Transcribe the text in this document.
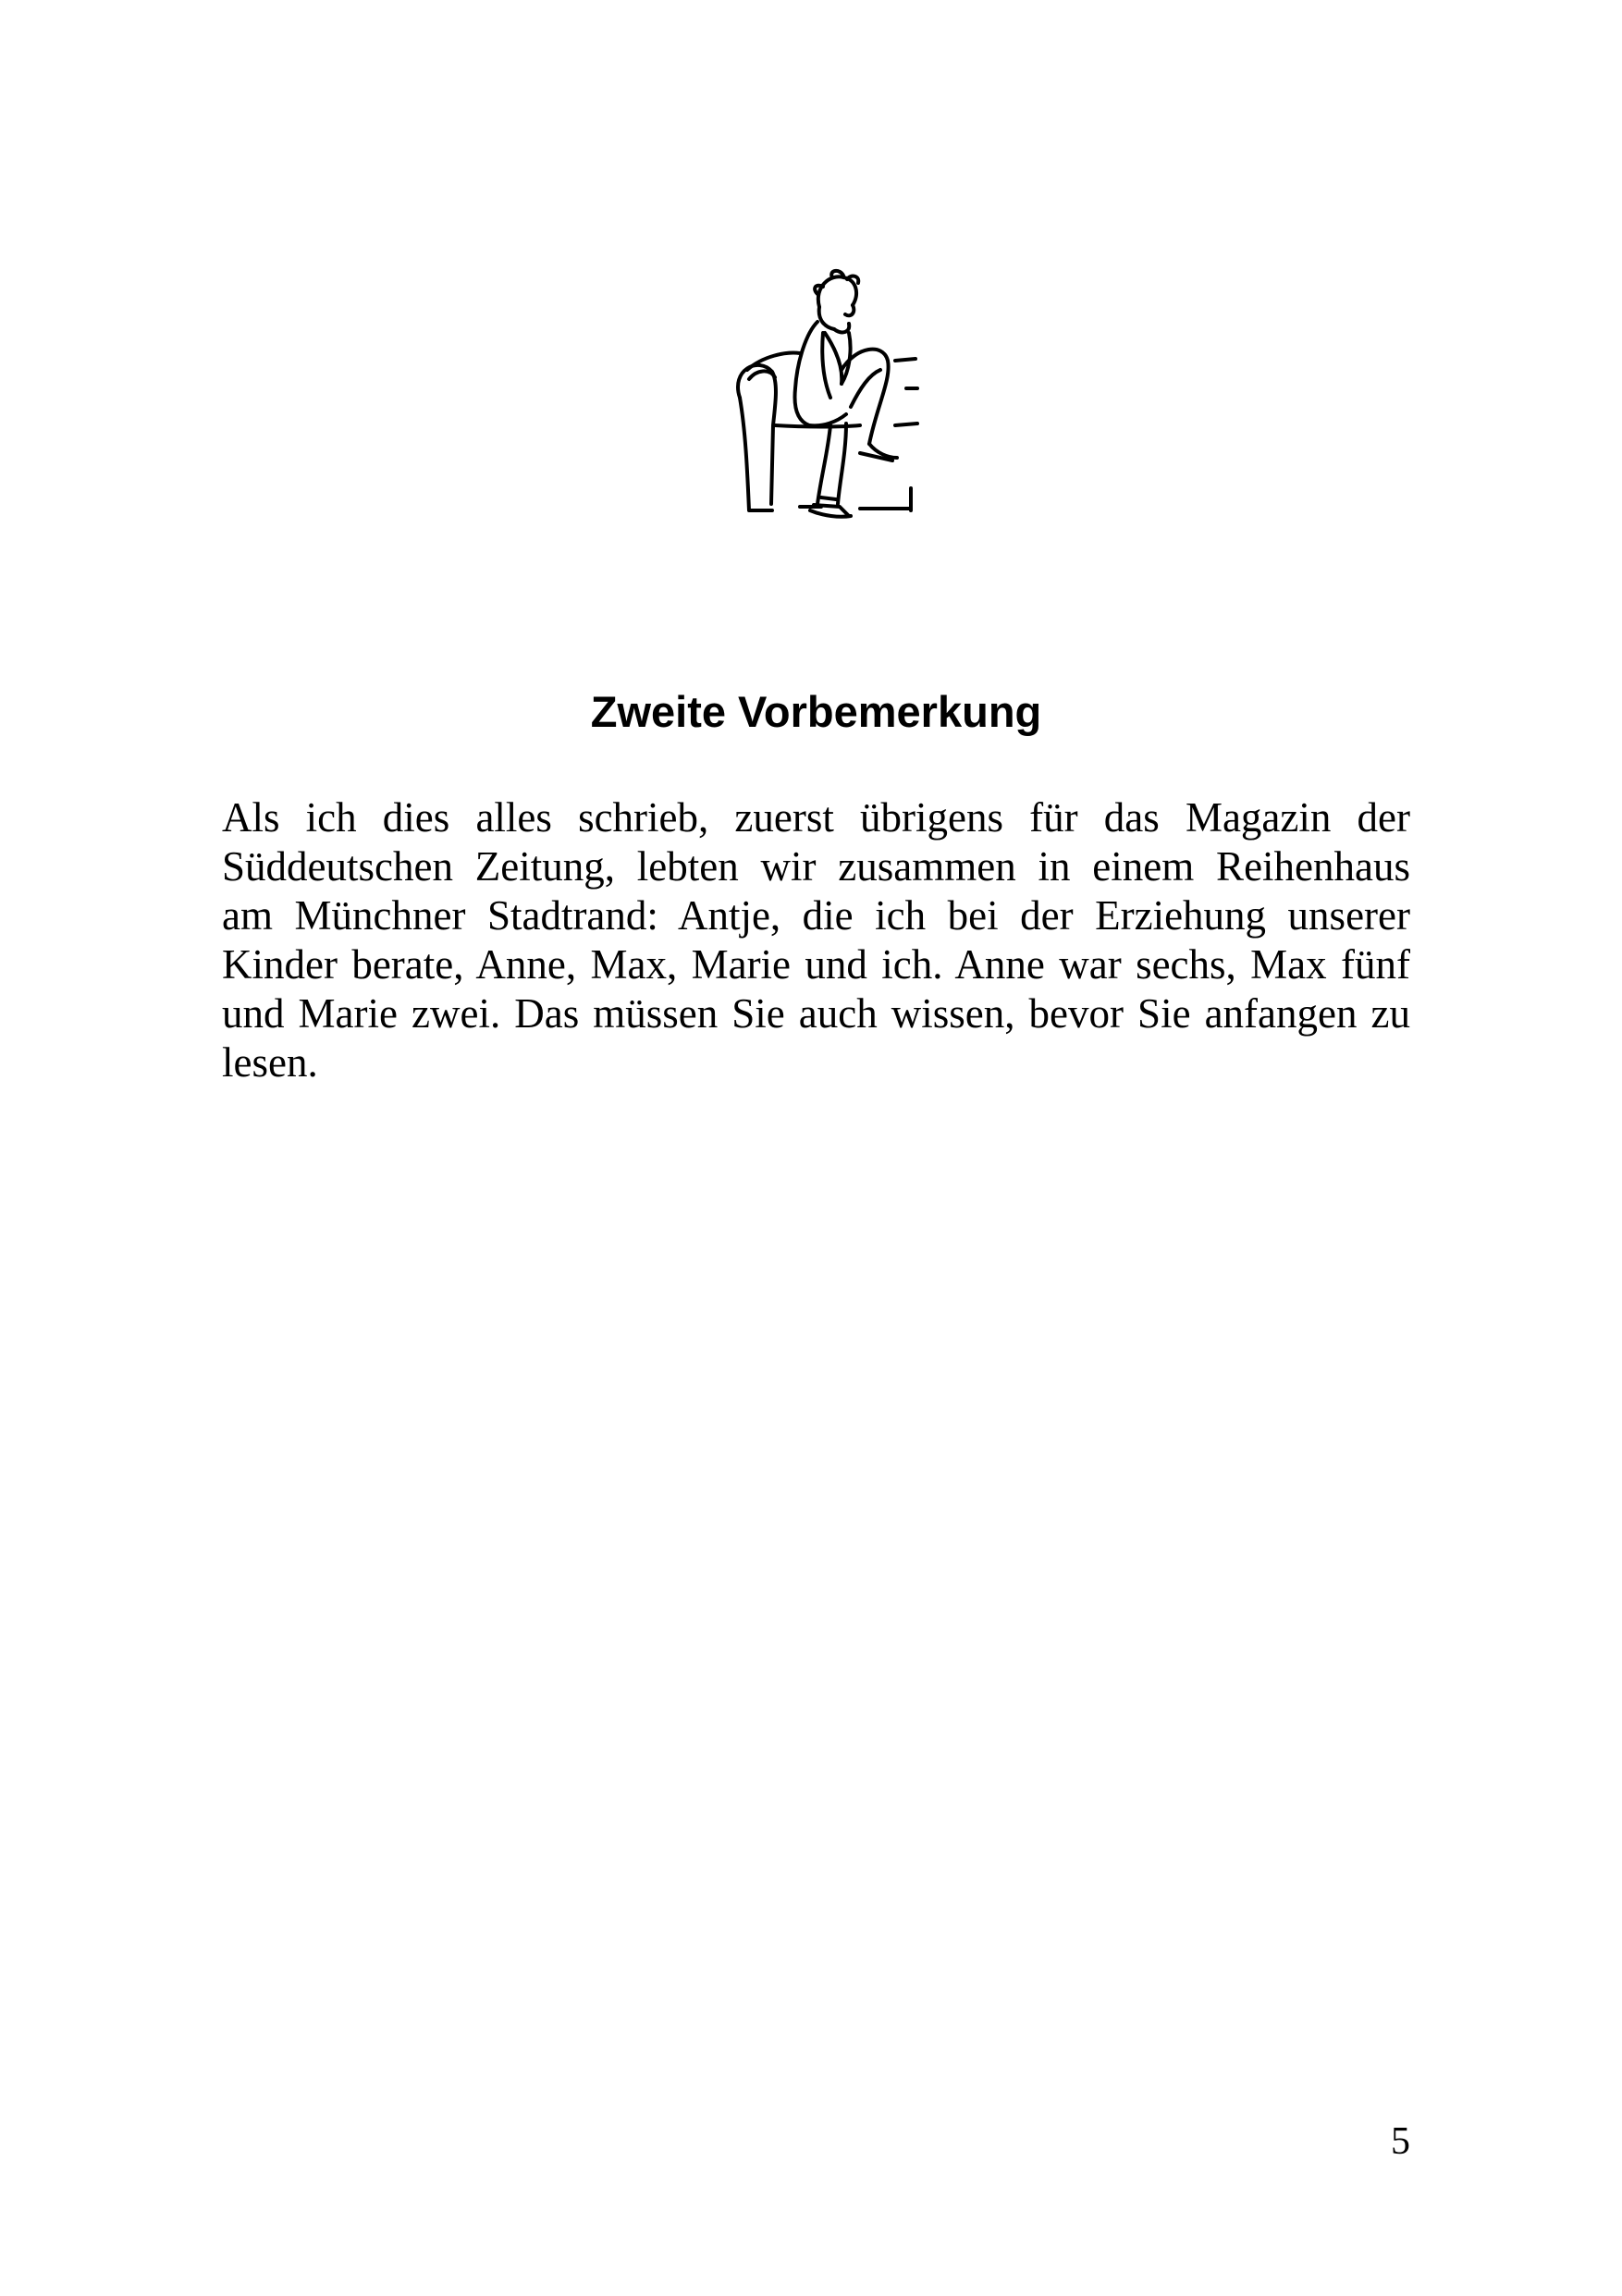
Zweite Vorbemerkung
Als ich dies alles schrieb, zuerst übrigens für das Magazin der
Süddeutschen Zeitung, lebten wir zusammen in einem Reihenhaus
am Münchner Stadtrand: Antje, die ich bei der Erziehung unserer
Kinder berate, Anne, Max, Marie und ich. Anne war sechs, Max fünf
und Marie zwei. Das müssen Sie auch wissen, bevor Sie anfangen zu
lesen.
5
